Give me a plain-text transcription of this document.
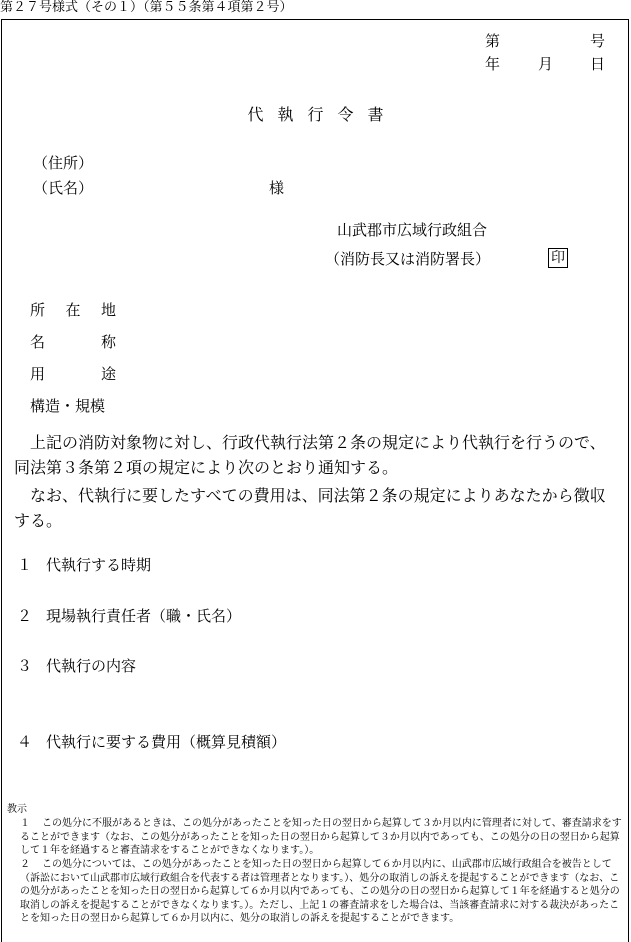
第２７号様式（その１）（第５５条第４項第２号）
第	号
年	月 日
代執行令書
（住所）
（氏名）	様
山武郡市広域行政組合
（消防長又は消防署長）	印
所在地
名称
用途
構造・規模
上記の消防対象物に対し、行政代執行法第２条の規定により代執行を行うので、同法第３条第２項の規定により次のとおり通知する。
なお、代執行に要したすべての費用は、同法第２条の規定によりあなたから徴収する。
１ 代執行する時期
２ 現場執行責任者（職・氏名）
３ 代執行の内容
４ 代執行に要する費用（概算見積額）
教示
１	この処分に不服があるときは、この処分があったことを知った日の翌日から起算して３か月以内に管理者に対して、審査請求をすることができます（なお、この処分があったことを知った日の翌日から起算して３か月以内であっても、この処分の日の翌日から起算して１年を経過すると審査請求をすることができなくなります。）。
２	この処分については、この処分があったことを知った日の翌日から起算して６か月以内に、山武郡市広域行政組合を被告として（訴訟において山武郡市広域行政組合を代表する者は管理者となります。）、処分の取消しの訴えを提起することができます（なお、この処分があったことを知った日の翌日から起算して６か月以内であっても、この処分の日の翌日から起算して１年を経過すると処分の取消しの訴えを提起することができなくなります。）。ただし、上記１の審査請求をした場合は、当該審査請求に対する裁決があったことを知った日の翌日から起算して６か月以内に、処分の取消しの訴えを提起することができます。
